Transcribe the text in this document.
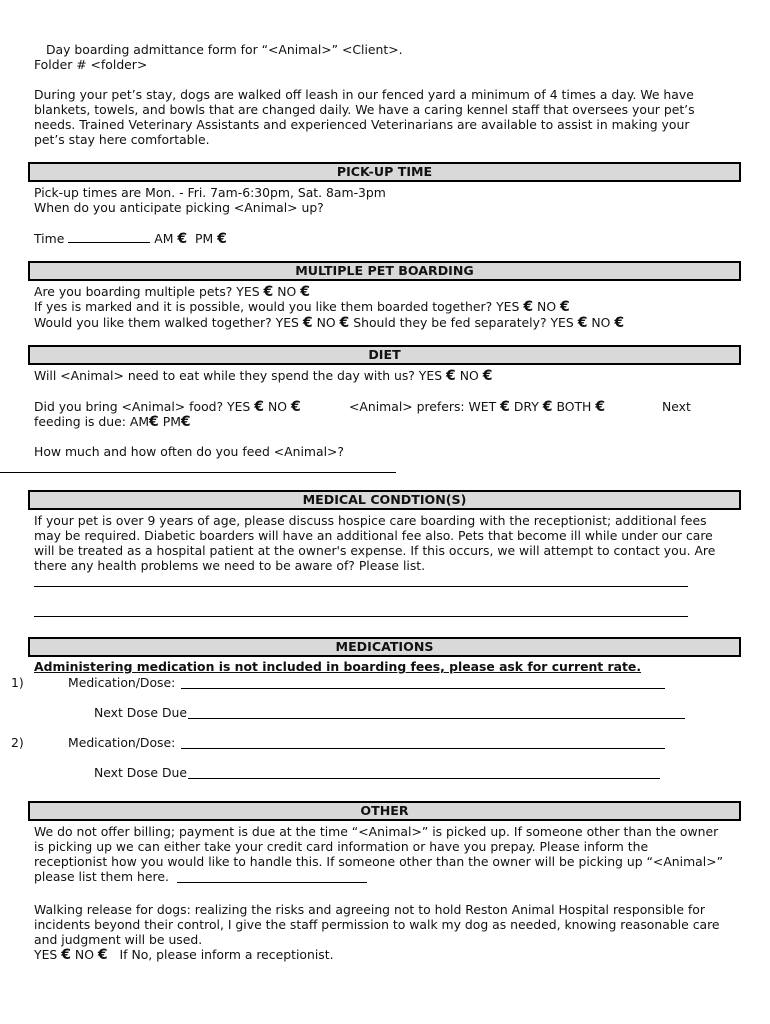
Day boarding admittance form for “<Animal>” <Client>.
Folder # <folder>
During your pet’s stay, dogs are walked off leash in our fenced yard a minimum of 4 times a day. We have
blankets, towels, and bowls that are changed daily. We have a caring kennel staff that oversees your pet’s
needs. Trained Veterinary Assistants and experienced Veterinarians are available to assist in making your
pet’s stay here comfortable.
PICK-UP TIME
Pick-up times are Mon. - Fri. 7am-6:30pm, Sat. 8am-3pm
When do you anticipate picking <Animal> up?
Time	AM € PM €
MULTIPLE PET BOARDING
Are you boarding multiple pets? YES € NO €
If yes is marked and it is possible, would you like them boarded together? YES € NO €
Would you like them walked together? YES € NO € Should they be fed separately? YES € NO €
DIET
Will <Animal> need to eat while they spend the day with us? YES € NO €
Did you bring <Animal> food? YES € NO €	<Animal> prefers: WET € DRY € BOTH €	Next
feeding is due: AM€ PM€
How much and how often do you feed <Animal>?
MEDICAL CONDTION(S)
If your pet is over 9 years of age, please discuss hospice care boarding with the receptionist; additional fees
may be required. Diabetic boarders will have an additional fee also. Pets that become ill while under our care
will be treated as a hospital patient at the owner's expense. If this occurs, we will attempt to contact you. Are
there any health problems we need to be aware of? Please list.
MEDICATIONS
Administering medication is not included in boarding fees, please ask for current rate.
1)	Medication/Dose:
Next Dose Due
2)	Medication/Dose:
Next Dose Due
OTHER
We do not offer billing; payment is due at the time “<Animal>” is picked up. If someone other than the owner
is picking up we can either take your credit card information or have you prepay. Please inform the
receptionist how you would like to handle this. If someone other than the owner will be picking up “<Animal>”
please list them here.
Walking release for dogs: realizing the risks and agreeing not to hold Reston Animal Hospital responsible for
incidents beyond their control, I give the staff permission to walk my dog as needed, knowing reasonable care
and judgment will be used.
YES € NO € If No, please inform a receptionist.
